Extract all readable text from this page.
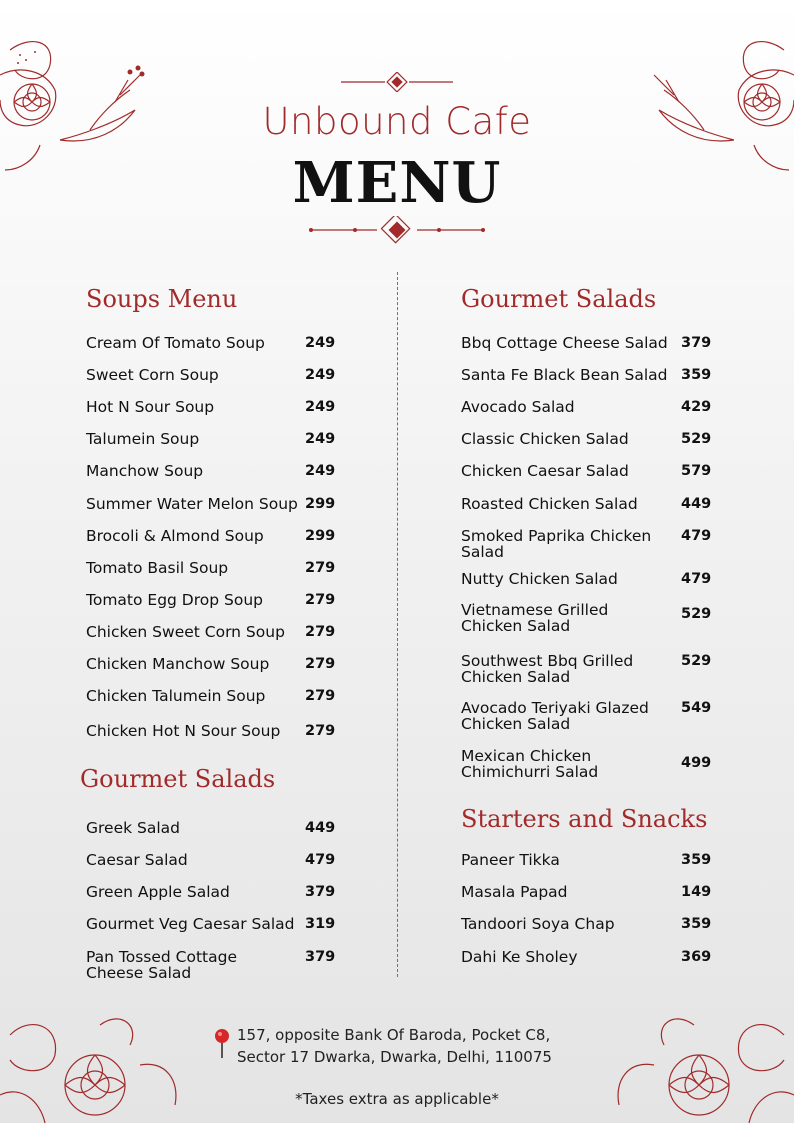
Unbound Cafe
MENU
Soups Menu
Cream Of Tomato Soup	249
Sweet Corn Soup	249
Hot N Sour Soup	249
Talumein Soup	249
Manchow Soup	249
Summer Water Melon Soup 299
Brocoli & Almond Soup	299
Tomato Basil Soup	279
Tomato Egg Drop Soup	279
Chicken Sweet Corn Soup 279
Chicken Manchow Soup 279
Chicken Talumein Soup	279
Chicken Hot N Sour Soup 279
Gourmet Salads
Greek Salad	449
Caesar Salad	479
Green Apple Salad	379
Gourmet Veg Caesar Salad 319
Pan Tossed Cottage Cheese Salad
379
Gourmet Salads
Bbq Cottage Cheese Salad 379
Santa Fe Black Bean Salad 359
Avocado Salad	429
Classic Chicken Salad	529
Chicken Caesar Salad	579
Roasted Chicken Salad	449
Smoked Paprika Chicken Salad
479
Nutty Chicken Salad	479
Vietnamese Grilled Chicken Salad
529
Southwest Bbq Grilled Chicken Salad
529
Avocado Teriyaki Glazed Chicken Salad
549
Mexican Chicken Chimichurri Salad	499
Starters and Snacks
Paneer Tikka	359
Masala Papad	149
Tandoori Soya Chap	359
Dahi Ke Sholey	369
157, opposite Bank Of Baroda, Pocket C8,
Sector 17 Dwarka, Dwarka, Delhi, 110075
*Taxes extra as applicable*
